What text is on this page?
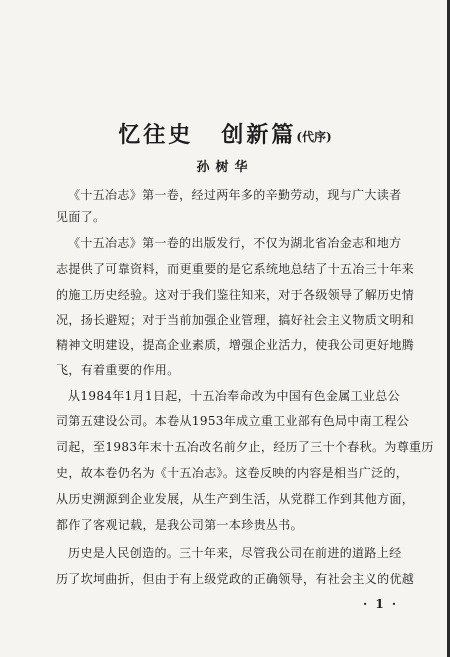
忆往史 创新篇(代序)
孙树华
《十五冶志》第一卷，经过两年多的辛勤劳动，现与广大读者
见面了。
《十五冶志》第一卷的出版发行，不仅为湖北省冶金志和地方
志提供了可靠资料，而更重要的是它系统地总结了十五冶三十年来
的施工历史经验。这对于我们鉴往知来，对于各级领导了解历史情
况，扬长避短；对于当前加强企业管理，搞好社会主义物质文明和
精神文明建设，提高企业素质，增强企业活力，使我公司更好地腾
飞，有着重要的作用。
从1984年1月1日起，十五冶奉命改为中国有色金属工业总公
司第五建设公司。本卷从1953年成立重工业部有色局中南工程公
司起，至1983年末十五冶改名前夕止，经历了三十个春秋。为尊重历
史，故本卷仍名为《十五冶志》。这卷反映的内容是相当广泛的，
从历史溯源到企业发展，从生产到生活，从党群工作到其他方面，
都作了客观记载，是我公司第一本珍贵丛书。
历史是人民创造的。三十年来，尽管我公司在前进的道路上经
历了坎坷曲折，但由于有上级党政的正确领导，有社会主义的优越
· 1 ·
